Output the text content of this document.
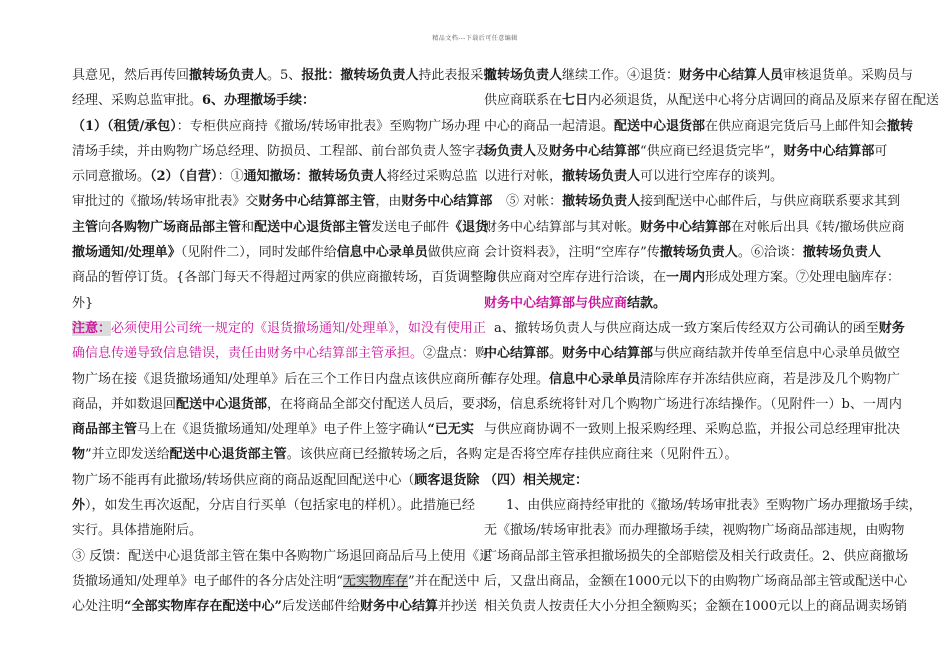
精品文档---下载后可任意编辑
具意见，然后再传回撤转场负责人。5、报批：撤转场负责人持此表报采购
经理、采购总监审批。6、办理撤场手续：
（1）（租赁/承包）：专柜供应商持《撤场/转场审批表》至购物广场办理
清场手续，并由购物广场总经理、防损员、工程部、前台部负责人签字表
示同意撤场。（2）（自营）：①通知撤场：撤转场负责人将经过采购总监
审批过的《撤场/转场审批表》交财务中心结算部主管，由财务中心结算部
主管向各购物广场商品部主管和配送中心退货部主管发送电子邮件《退货
撤场通知/处理单》（见附件二），同时发邮件给信息中心录单员做供应商
商品的暂停订货。{各部门每天不得超过两家的供应商撤转场，百货调整除
外}
注意：必须使用公司统一规定的《退货撤场通知/处理单》，如没有使用正
确信息传递导致信息错误，责任由财务中心结算部主管承担。②盘点：购
物广场在接《退货撤场通知/处理单》后在三个工作日内盘点该供应商所有
商品，并如数退回配送中心退货部，在将商品全部交付配送人员后，要求
商品部主管马上在《退货撤场通知/处理单》电子件上签字确认“已无实
物”并立即发送给配送中心退货部主管。该供应商已经撤转场之后，各购
物广场不能再有此撤场/转场供应商的商品返配回配送中心（顾客退货除
外），如发生再次返配，分店自行买单（包括家电的样机）。此措施已经
实行。具体措施附后。
③ 反馈：配送中心退货部主管在集中各购物广场退回商品后马上使用《退
货撤场通知/处理单》电子邮件的各分店处注明“无实物库存”并在配送中
心处注明“全部实物库存在配送中心”后发送邮件给财务中心结算并抄送
撤转场负责人继续工作。④退货：财务中心结算人员审核退货单。采购员与
供应商联系在七日内必须退货，从配送中心将分店调回的商品及原来存留在配送
中心的商品一起清退。配送中心退货部在供应商退完货后马上邮件知会撤转
场负责人及财务中心结算部“供应商已经退货完毕”，财务中心结算部可
以进行对帐，撤转场负责人可以进行空库存的谈判。
⑤ 对帐：撤转场负责人接到配送中心邮件后，与供应商联系要求其到
财务中心结算部与其对帐。财务中心结算部在对帐后出具《转/撤场供应商
会计资料表》，注明“空库存”传撤转场负责人。⑥洽谈：撤转场负责人
与供应商对空库存进行洽谈，在一周内形成处理方案。⑦处理电脑库存：
财务中心结算部与供应商结款。
a、撤转场负责人与供应商达成一致方案后传经双方公司确认的函至财务
中心结算部。财务中心结算部与供应商结款并传单至信息中心录单员做空
库存处理。信息中心录单员清除库存并冻结供应商，若是涉及几个购物广
场，信息系统将针对几个购物广场进行冻结操作。（见附件一）b、一周内
与供应商协调不一致则上报采购经理、采购总监，并报公司总经理审批决
定是否将空库存挂供应商往来（见附件五）。
（四）相关规定：
1、由供应商持经审批的《撤场/转场审批表》至购物广场办理撤场手续，
无《撤场/转场审批表》而办理撤场手续，视购物广场商品部违规，由购物
广场商品部主管承担撤场损失的全部赔偿及相关行政责任。2、供应商撤场
后，又盘出商品，金额在1000元以下的由购物广场商品部主管或配送中心
相关负责人按责任大小分担全额购买；金额在1000元以上的商品调卖场销
